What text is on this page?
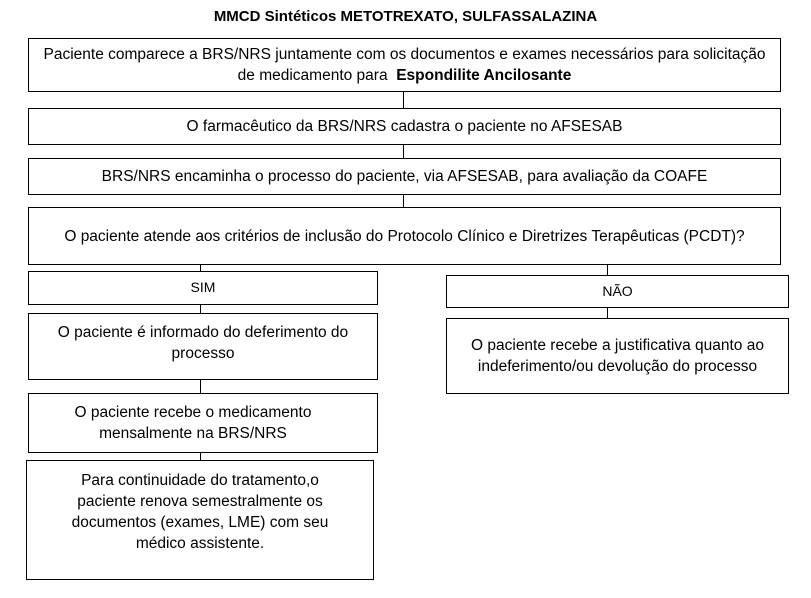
MMCD Sintéticos METOTREXATO, SULFASSALAZINA
Paciente comparece a BRS/NRS juntamente com os documentos e exames necessários para solicitação de medicamento para Espondilite Ancilosante
O farmacêutico da BRS/NRS cadastra o paciente no AFSESAB
BRS/NRS encaminha o processo do paciente, via AFSESAB, para avaliação da COAFE
O paciente atende aos critérios de inclusão do Protocolo Clínico e Diretrizes Terapêuticas (PCDT)?
SIM
O paciente é informado do deferimento do processo
O paciente recebe o medicamento mensalmente na BRS/NRS
Para continuidade do tratamento,o paciente renova semestralmente os documentos (exames, LME) com seu médico assistente.
NÃO
O paciente recebe a justificativa quanto ao indeferimento/ou devolução do processo
